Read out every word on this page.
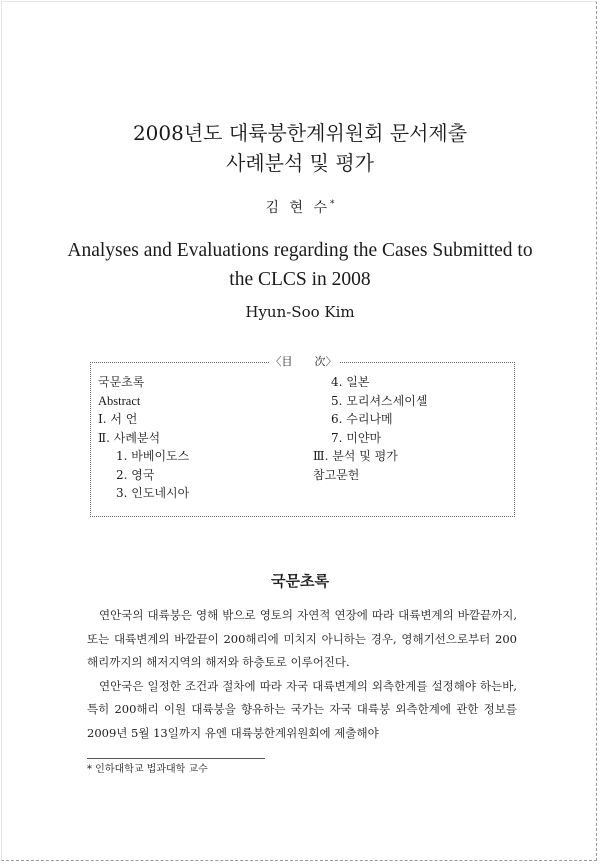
2008년도 대륙붕한계위원회 문서제출
사례분석 및 평가
김 현 수*
Analyses and Evaluations regarding the Cases Submitted to
the CLCS in 2008
Hyun-Soo Kim
〈目　　次〉
국문초록
Abstract
Ⅰ. 서 언
Ⅱ. 사례분석
1. 바베이도스
2. 영국
3. 인도네시아
4. 일본
5. 모리셔스세이셸
6. 수리나메
7. 미얀마
Ⅲ. 분석 및 평가
참고문헌
국문초록

연안국의 대륙붕은 영해 밖으로 영토의 자연적 연장에 따라 대륙변계의 바깥끝까지, 또는 대륙변계의 바깥끝이 200해리에 미치지 아니하는 경우, 영해기선으로부터 200해리까지의 해저지역의 해저와 하층토로 이루어진다.

연안국은 일정한 조건과 절차에 따라 자국 대륙변계의 외측한계를 설정해야 하는바, 특히 200해리 이원 대륙붕을 향유하는 국가는 자국 대륙붕 외측한계에 관한 정보를 2009년 5월 13일까지 유엔 대륙붕한계위원회에 제출해야

* 인하대학교 법과대학 교수
